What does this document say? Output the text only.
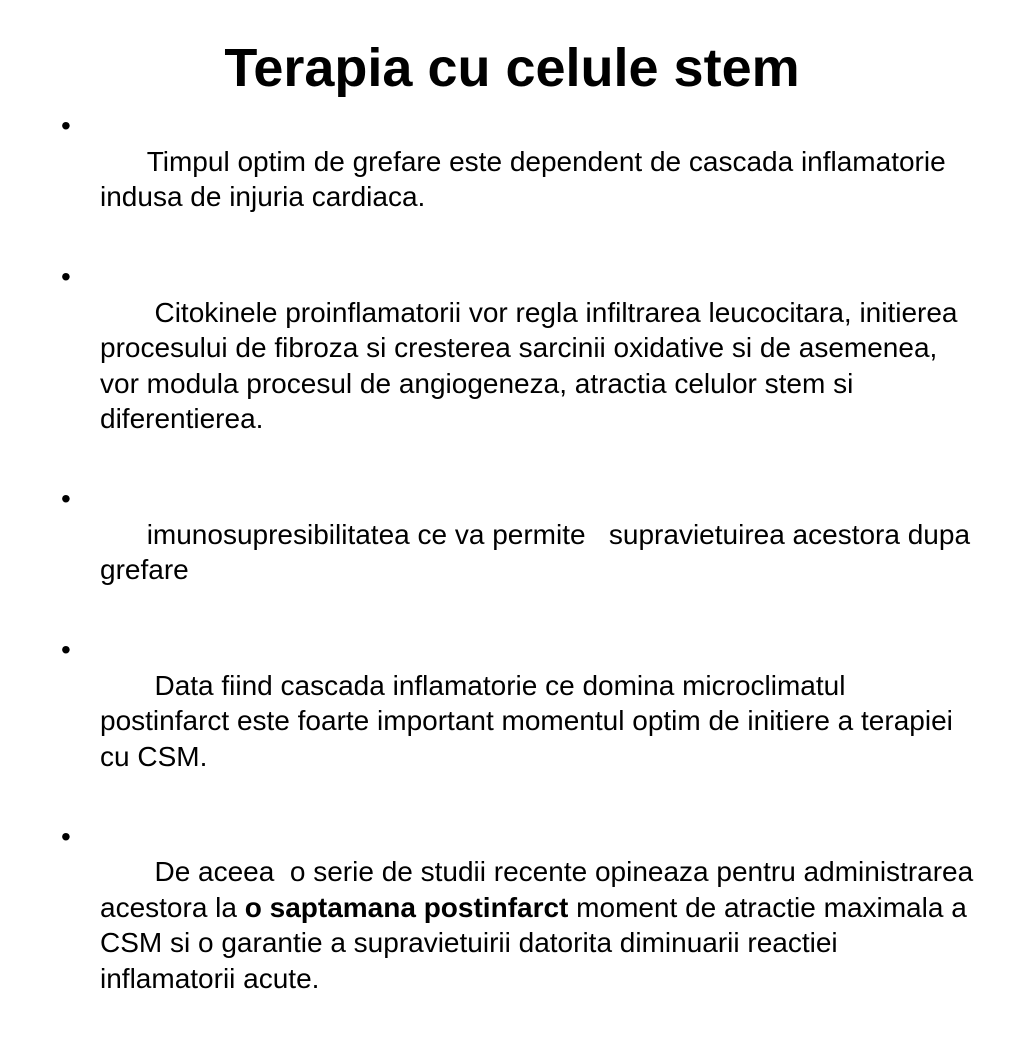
Terapia cu celule stem

•
Timpul optim de grefare este dependent de cascada inflamatorie indusa de injuria cardiaca.

•
Citokinele proinflamatorii vor regla infiltrarea leucocitara, initierea procesului de fibroza si cresterea sarcinii oxidative si de asemenea, vor modula procesul de angiogeneza, atractia celulor stem si diferentierea.

•
imunosupresibilitatea ce va permite   supravietuirea acestora dupa grefare

•
Data fiind cascada inflamatorie ce domina microclimatul postinfarct este foarte important momentul optim de initiere a terapiei cu CSM.

•
De aceea  o serie de studii recente opineaza pentru administrarea acestora la o saptamana postinfarct moment de atractie maximala a CSM si o garantie a supravietuirii datorita diminuarii reactiei inflamatorii acute.
